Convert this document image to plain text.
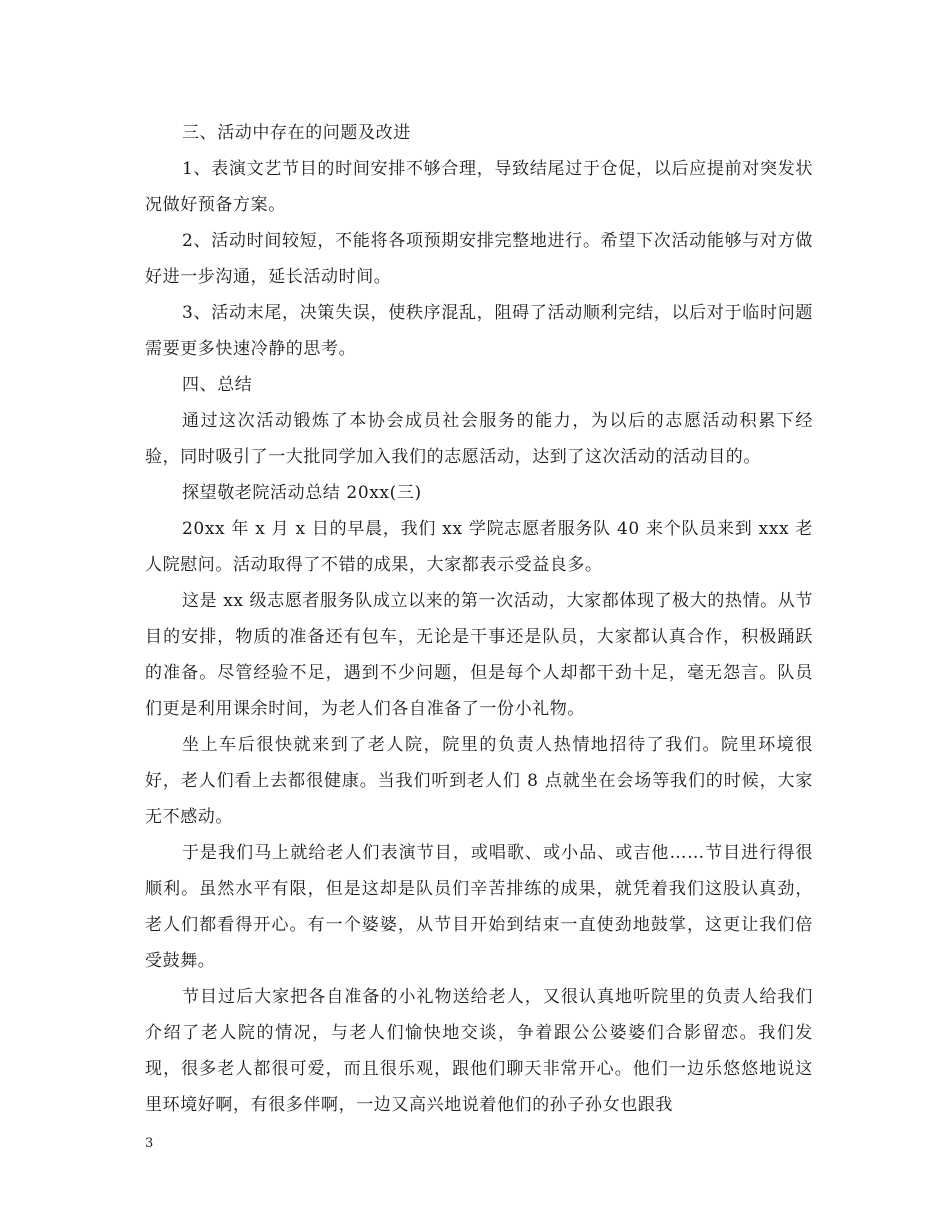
三、活动中存在的问题及改进

1、表演文艺节目的时间安排不够合理，导致结尾过于仓促，以后应提前对突发状况做好预备方案。

2、活动时间较短，不能将各项预期安排完整地进行。希望下次活动能够与对方做好进一步沟通，延长活动时间。

3、活动末尾，决策失误，使秩序混乱，阻碍了活动顺利完结，以后对于临时问题需要更多快速冷静的思考。

四、总结

通过这次活动锻炼了本协会成员社会服务的能力，为以后的志愿活动积累下经验，同时吸引了一大批同学加入我们的志愿活动，达到了这次活动的活动目的。

探望敬老院活动总结 20xx(三)

20xx 年 x 月 x 日的早晨，我们 xx 学院志愿者服务队 40 来个队员来到 xxx 老人院慰问。活动取得了不错的成果，大家都表示受益良多。

这是 xx 级志愿者服务队成立以来的第一次活动，大家都体现了极大的热情。从节目的安排，物质的准备还有包车，无论是干事还是队员，大家都认真合作，积极踊跃的准备。尽管经验不足，遇到不少问题，但是每个人却都干劲十足，毫无怨言。队员们更是利用课余时间，为老人们各自准备了一份小礼物。

坐上车后很快就来到了老人院，院里的负责人热情地招待了我们。院里环境很好，老人们看上去都很健康。当我们听到老人们 8 点就坐在会场等我们的时候，大家无不感动。

于是我们马上就给老人们表演节目，或唱歌、或小品、或吉他……节目进行得很顺利。虽然水平有限，但是这却是队员们辛苦排练的成果，就凭着我们这股认真劲，老人们都看得开心。有一个婆婆，从节目开始到结束一直使劲地鼓掌，这更让我们倍受鼓舞。

节目过后大家把各自准备的小礼物送给老人，又很认真地听院里的负责人给我们介绍了老人院的情况，与老人们愉快地交谈，争着跟公公婆婆们合影留恋。我们发现，很多老人都很可爱，而且很乐观，跟他们聊天非常开心。他们一边乐悠悠地说这里环境好啊，有很多伴啊，一边又高兴地说着他们的孙子孙女也跟我

3
